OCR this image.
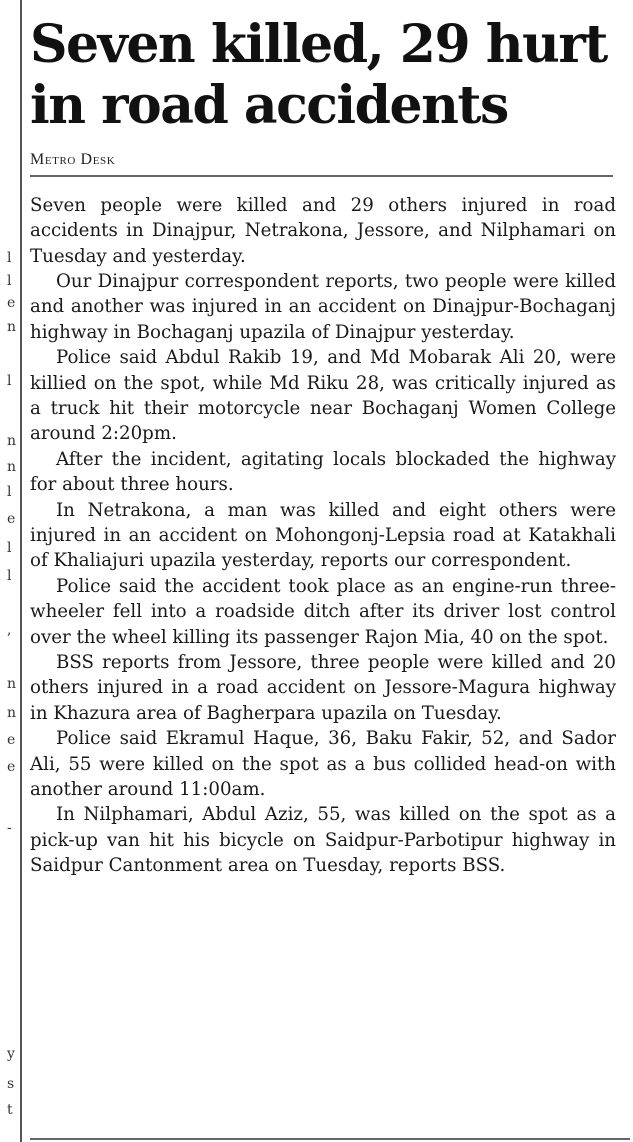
l
l
e
n
l
n
n
l
e
l
l
,
n
n
e
e
-
y
s
t
Seven killed, 29 hurt
in road accidents
Metro Desk

Seven people were killed and 29 others injured in road accidents in Dinajpur, Netrakona, Jessore, and Nilphamari on Tuesday and yesterday.

Our Dinajpur correspondent reports, two people were killed and another was injured in an accident on Dinajpur-Bochaganj highway in Bochaganj upazila of Dinajpur yesterday.

Police said Abdul Rakib 19, and Md Mobarak Ali 20, were killied on the spot, while Md Riku 28, was critically injured as a truck hit their motorcycle near Bochaganj Women College around 2:20pm.

After the incident, agitating locals blockaded the highway for about three hours.

In Netrakona, a man was killed and eight others were injured in an accident on Mohongonj-Lepsia road at Katakhali of Khaliajuri upazila yesterday, reports our correspondent.

Police said the accident took place as an engine-run three-wheeler fell into a roadside ditch after its driver lost control over the wheel killing its passenger Rajon Mia, 40 on the spot.

BSS reports from Jessore, three people were killed and 20 others injured in a road accident on Jessore-Magura highway in Khazura area of Bagherpara upazila on Tuesday.

Police said Ekramul Haque, 36, Baku Fakir, 52, and Sador Ali, 55 were killed on the spot as a bus collided head-on with another around 11:00am.

In Nilphamari, Abdul Aziz, 55, was killed on the spot as a pick-up van hit his bicycle on Saidpur-Parbotipur highway in Saidpur Cantonment area on Tuesday, reports BSS.
